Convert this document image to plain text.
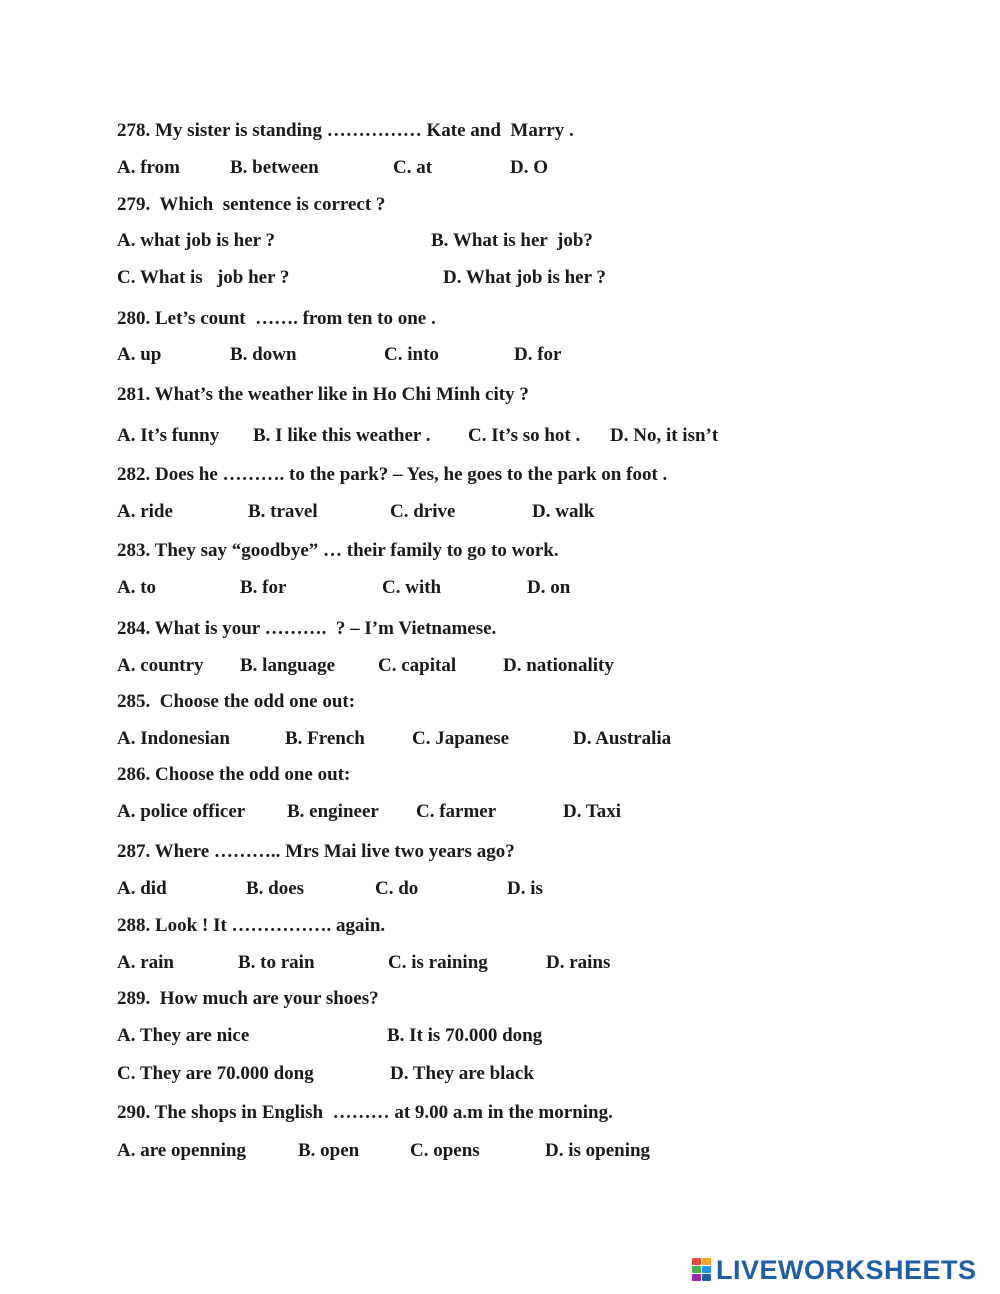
278. My sister is standing …………… Kate and  Marry .
A. from	B. between	C. at	D. O
279.  Which  sentence is correct ?
A. what job is her ?	B. What is her  job?
C. What is   job her ?	D. What job is her ?
280. Let’s count  ……. from ten to one .
A. up	B. down	C. into	D. for
281. What’s the weather like in Ho Chi Minh city ?
A. It’s funny B. I like this weather . C. It’s so hot . D. No, it isn’t
282. Does he ………. to the park? – Yes, he goes to the park on foot .
A. ride	B. travel	C. drive	D. walk
283. They say “goodbye” … their family to go to work.
A. to	B. for	C. with	D. on
284. What is your ……….  ? – I’m Vietnamese.
A. country B. language C. capital D. nationality
285.  Choose the odd one out:
A. Indonesian	B. French C. Japanese	D. Australia
286. Choose the odd one out:
A. police officer B. engineer C. farmer	D. Taxi
287. Where ……….. Mrs Mai live two years ago?
A. did	B. does	C. do	D. is
288. Look ! It ……………. again.
A. rain	B. to rain	C. is raining	D. rains
289.  How much are your shoes?
A. They are nice	B. It is 70.000 dong
C. They are 70.000 dong	D. They are black
290. The shops in English  ……… at 9.00 a.m in the morning.
A. are openning	B. open	C. opens	D. is opening
LIVEWORKSHEETS
